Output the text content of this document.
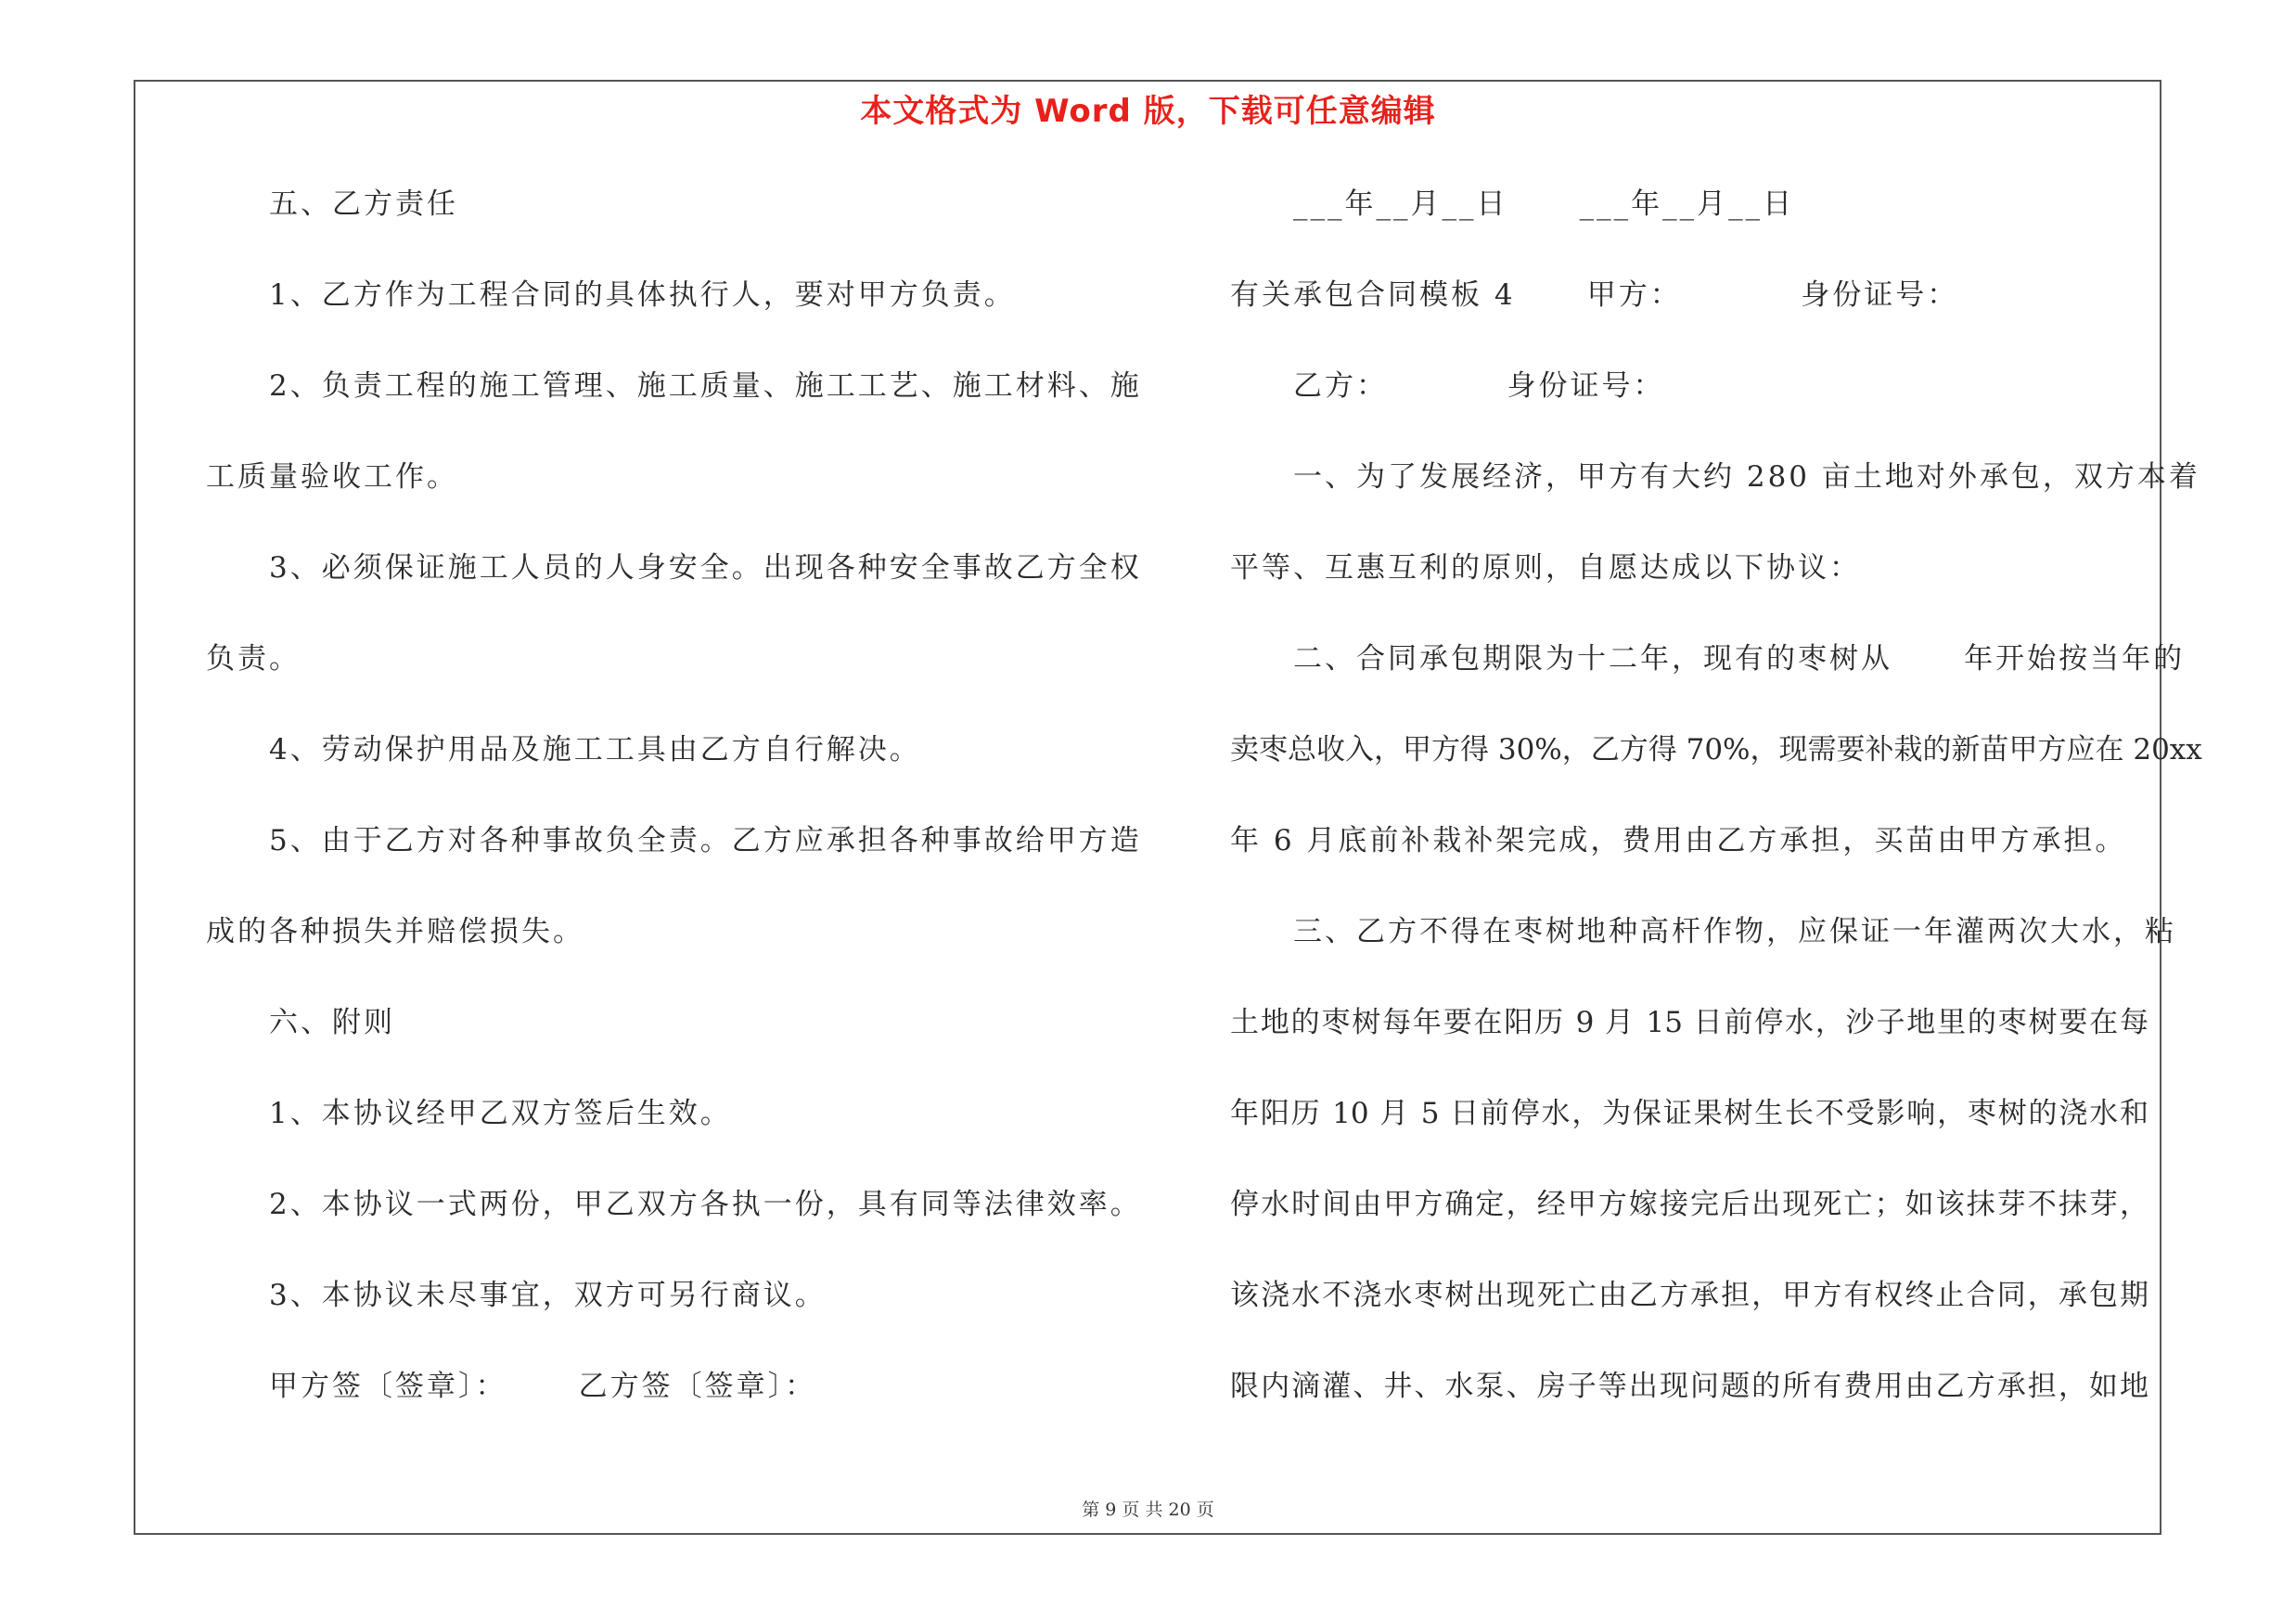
本文格式为 Word 版，下载可任意编辑
五、乙方责任
1、乙方作为工程合同的具体执行人，要对甲方负责。
2、负责工程的施工管理、施工质量、施工工艺、施工材料、施
工质量验收工作。
3、必须保证施工人员的人身安全。出现各种安全事故乙方全权
负责。
4、劳动保护用品及施工工具由乙方自行解决。
5、由于乙方对各种事故负全责。乙方应承担各种事故给甲方造
成的各种损失并赔偿损失。
六、附则
1、本协议经甲乙双方签后生效。
2、本协议一式两份，甲乙双方各执一份，具有同等法律效率。
3、本协议未尽事宜，双方可另行商议。
甲方签〔签章〕：      乙方签〔签章〕：
___年__月__日      ___年__月__日
有关承包合同模板 4      甲方：          身份证号：
乙方：          身份证号：
一、为了发展经济，甲方有大约 280 亩土地对外承包，双方本着
平等、互惠互利的原则，自愿达成以下协议：
二、合同承包期限为十二年，现有的枣树从      年开始按当年的
卖枣总收入，甲方得 30%，乙方得 70%，现需要补栽的新苗甲方应在 20xx
年 6 月底前补栽补架完成，费用由乙方承担，买苗由甲方承担。
三、乙方不得在枣树地种高杆作物，应保证一年灌两次大水，粘
土地的枣树每年要在阳历 9 月 15 日前停水，沙子地里的枣树要在每
年阳历 10 月 5 日前停水，为保证果树生长不受影响，枣树的浇水和
停水时间由甲方确定，经甲方嫁接完后出现死亡；如该抹芽不抹芽，
该浇水不浇水枣树出现死亡由乙方承担，甲方有权终止合同，承包期
限内滴灌、井、水泵、房子等出现问题的所有费用由乙方承担，如地
第 9 页 共 20 页
